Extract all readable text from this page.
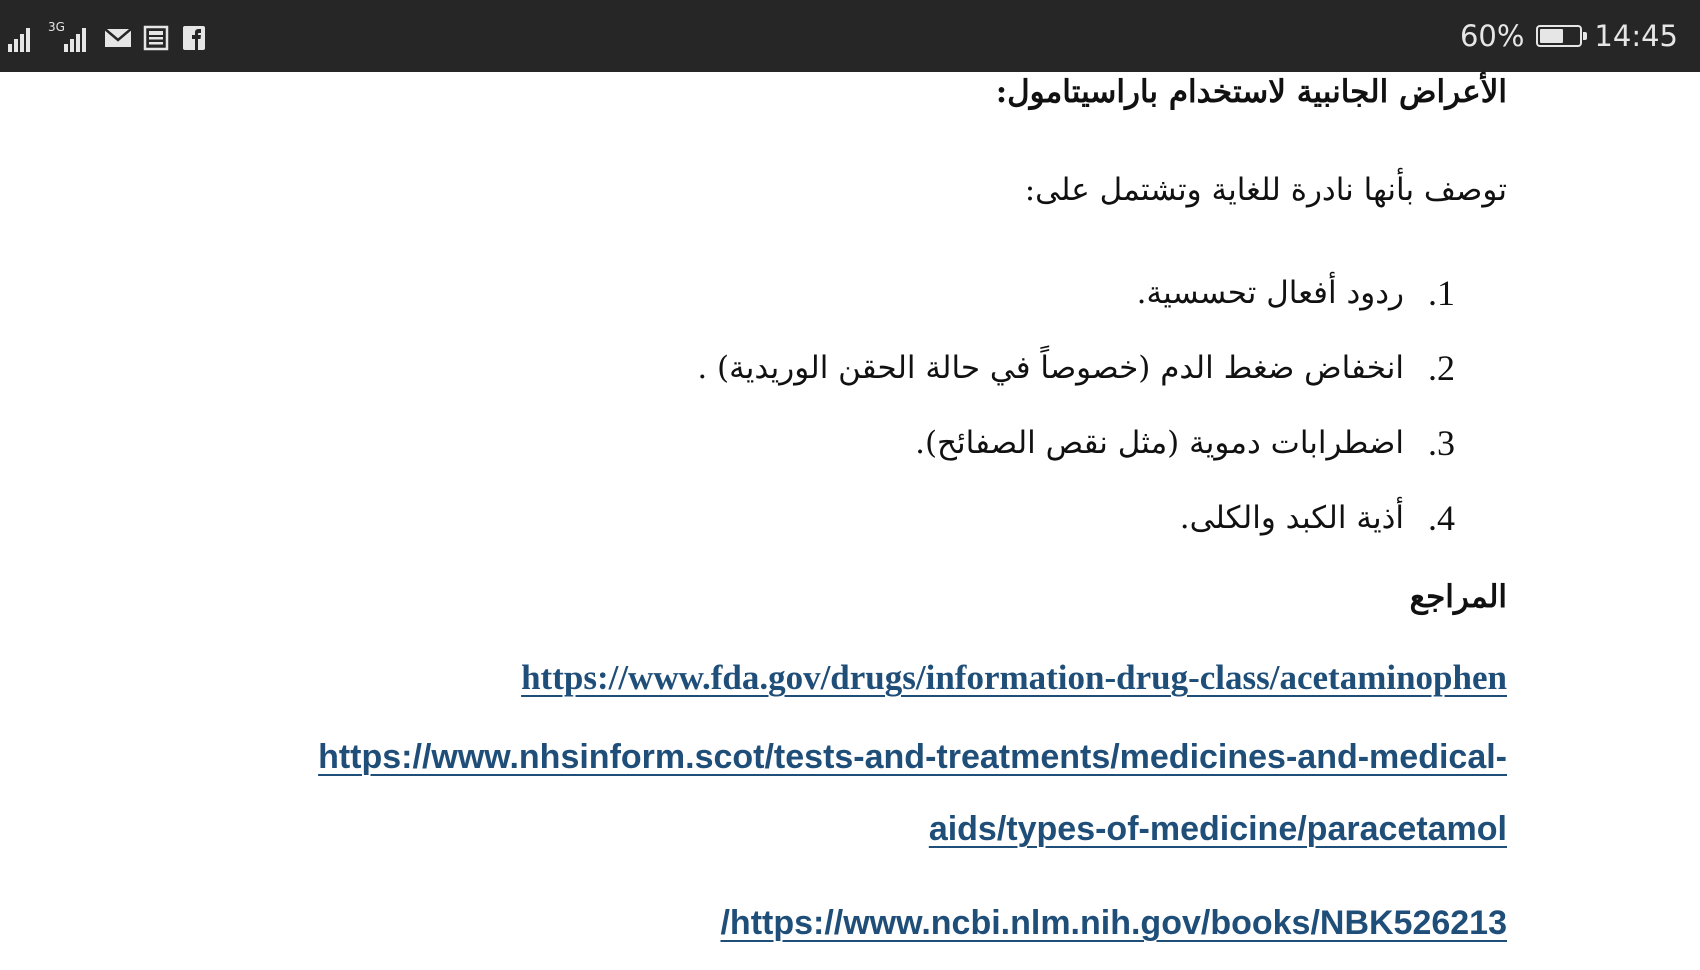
3G	60% 14:45
الأعراض الجانبية لاستخدام باراسيتامول:
توصف بأنها نادرة للغاية وتشتمل على:
1.
ردود أفعال تحسسية.
2.
انخفاض ضغط الدم (خصوصاً في حالة الحقن الوريدية) .
3.
اضطرابات دموية (مثل نقص الصفائح).
4.
أذية الكبد والكلى.
المراجع
https://www.fda.gov/drugs/information-drug-class/acetaminophen
https://www.nhsinform.scot/tests-and-treatments/medicines-and-medical-
aids/types-of-medicine/paracetamol
/https://www.ncbi.nlm.nih.gov/books/NBK526213
